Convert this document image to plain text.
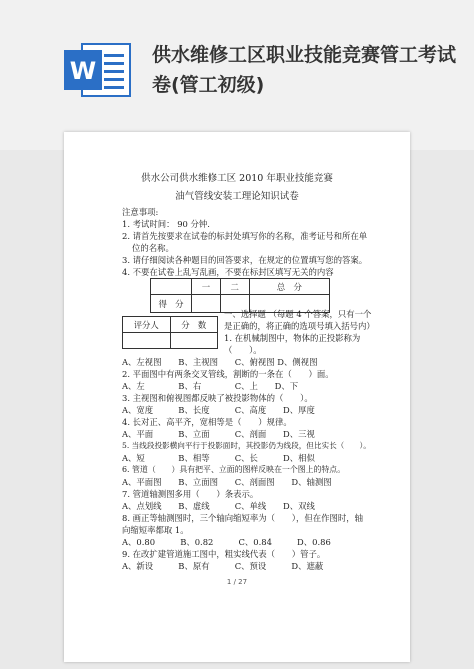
W
供水维修工区职业技能竞赛管工考试卷(管工初级)
供水公司供水维修工区 2010 年职业技能竞赛
油气管线安装工理论知识试卷
注意事项:
1. 考试时间： 90 分钟.
2. 请首先按要求在试卷的标封处填写你的名称，准考证号和所在单
位的名称。
3. 请仔细阅读各种题目的回答要求，在规定的位置填写您的答案。
4. 不要在试卷上乱写乱画，不要在标封区填写无关的内容
	一	二	总　分
得　分			
评分人	分　数

一、选择题 （每题 4 个答案，只有一个
是正确的，将正确的选项号填入括号内）
1. 在机械制图中，物体的正投影称为
（　　）。
A、左视图　　B、主视图　　C、俯视图 D、侧视图
2. 平面图中有两条交叉管线，割断的一条在（　　）面。
A、左　　　　B、右　　　　C、上　　D、下
3. 主视图和俯视图都反映了被投影物体的（　　）。
A、宽度　　　B、长度　　　C、高度　　D、厚度
4. 长对正、高平齐，宽相等是（　　）规律。
A、平面　　　B、立面　　　C、剖面　　D、三视
5. 当线段投影横向平行于投影面时，其投影仍为线段，但比实长（　　）。
A、短　　　　B、相等　　　C、长　　　D、相似
6. 管道（　　）具有把平、立面的图样反映在一个图上的特点。
A、平面图　　B、立面图　　C、剖面图　　D、轴测图
7. 管道轴测图多用（　　）条表示。
A、点划线　　B、虚线　　　C、单线　　D、双线
8. 画正等轴测图时，三个轴向缩短率为（　　），但在作图时，轴
向缩短率都取 1。
A、0.80　　　B、0.82　　　C、0.84　　　D、0.86
9. 在改扩建管道施工图中，粗实线代表（　　）管子。
A、新设　　　B、原有　　　C、预设　　　D、遮蔽
1 / 27
